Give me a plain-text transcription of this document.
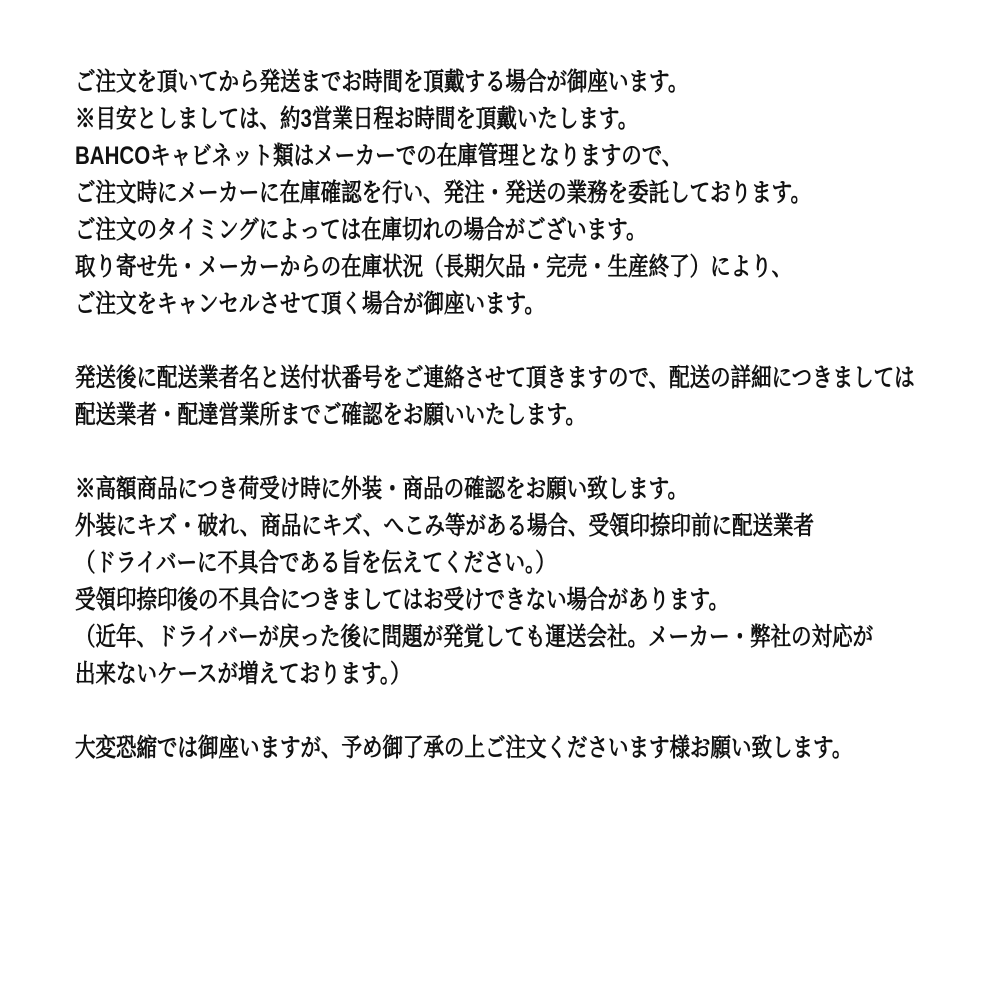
ご注文を頂いてから発送までお時間を頂戴する場合が御座います。
※目安としましては、約3営業日程お時間を頂戴いたします。
BAHCOキャビネット類はメーカーでの在庫管理となりますので、
ご注文時にメーカーに在庫確認を行い、発注・発送の業務を委託しております。
ご注文のタイミングによっては在庫切れの場合がございます。
取り寄せ先・メーカーからの在庫状況（長期欠品・完売・生産終了）により、
ご注文をキャンセルさせて頂く場合が御座います。
発送後に配送業者名と送付状番号をご連絡させて頂きますので、配送の詳細につきましては
配送業者・配達営業所までご確認をお願いいたします。
※高額商品につき荷受け時に外装・商品の確認をお願い致します。
外装にキズ・破れ、商品にキズ、へこみ等がある場合、受領印捺印前に配送業者
（ドライバーに不具合である旨を伝えてください。）
受領印捺印後の不具合につきましてはお受けできない場合があります。
（近年、ドライバーが戻った後に問題が発覚しても運送会社。メーカー・弊社の対応が
出来ないケースが増えております。）
大変恐縮では御座いますが、予め御了承の上ご注文くださいます様お願い致します。
